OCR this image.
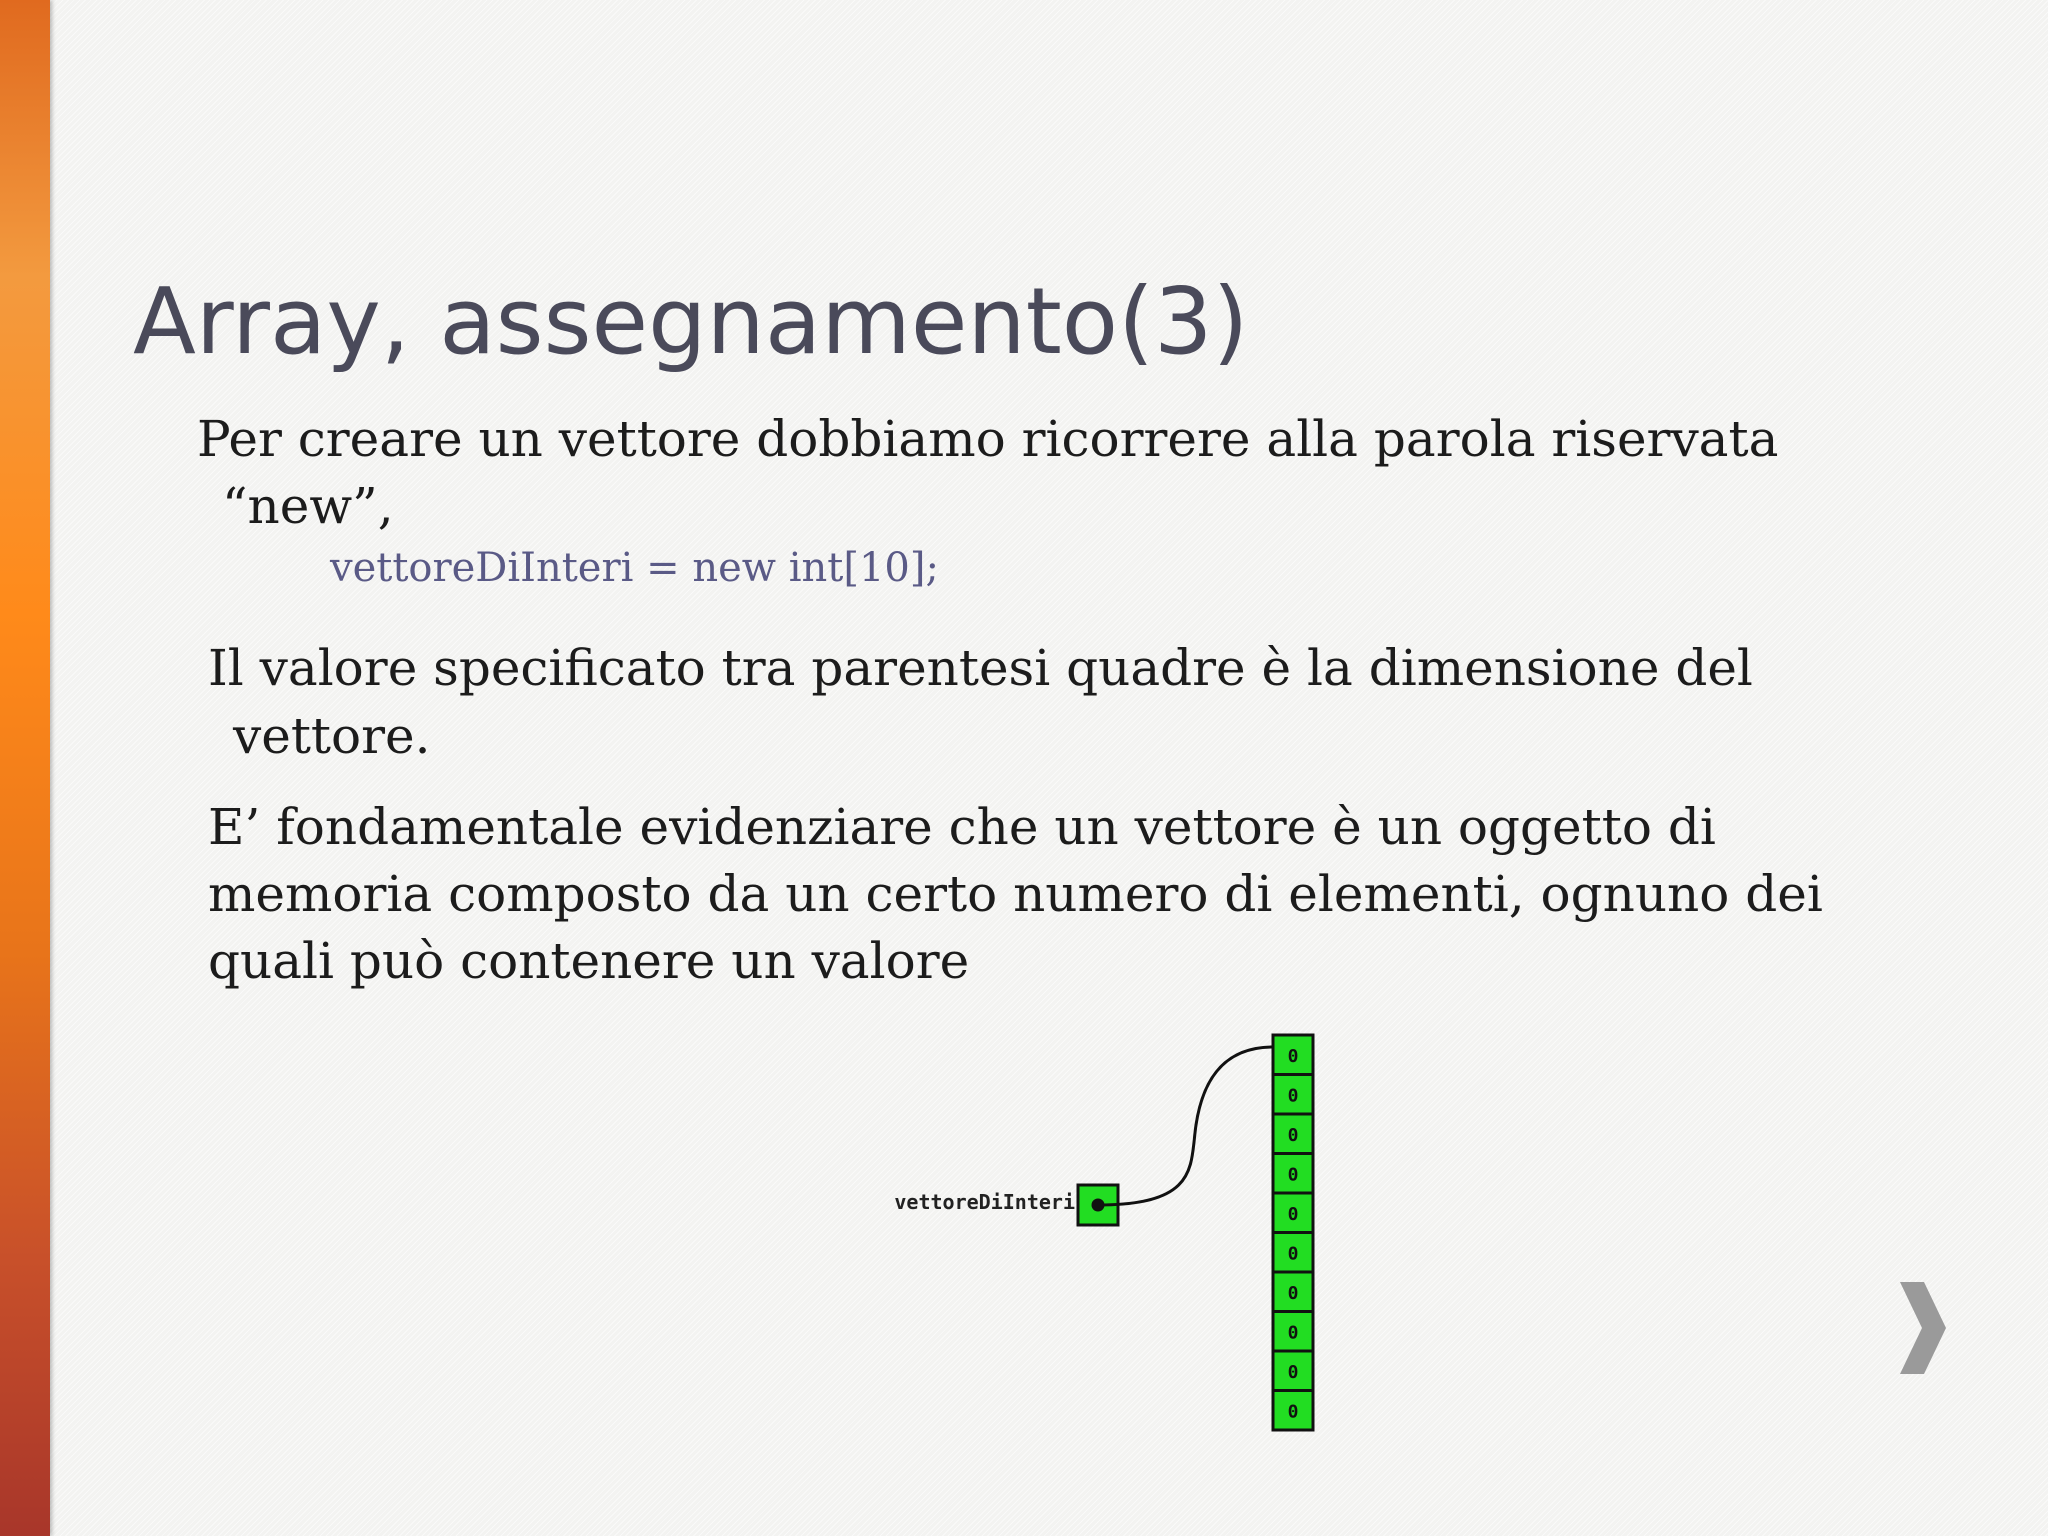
Array, assegnamento(3)

Per creare un vettore dobbiamo ricorrere alla parola riservata

“new”,

vettoreDiInteri = new int[10];

Il valore specificato tra parentesi quadre è la dimensione del

vettore.

E’ fondamentale evidenziare che un vettore è un oggetto di

memoria composto da un certo numero di elementi, ognuno dei

quali può contenere un valore

vettoreDiInteri
0
0
0
0
0
0
0
0
0
0
